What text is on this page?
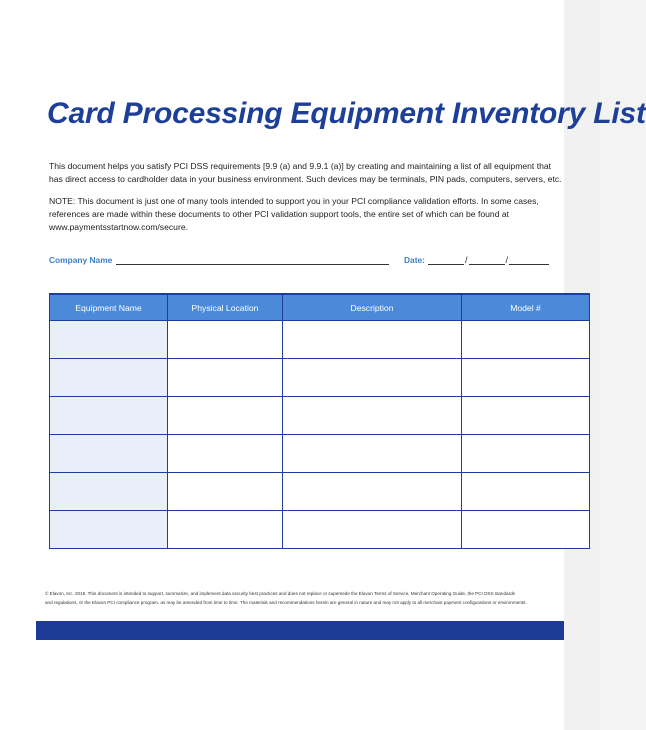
Card Processing Equipment Inventory List

This document helps you satisfy PCI DSS requirements [9.9 (a) and 9.9.1 (a)] by creating and maintaining a list of all equipment that
has direct access to cardholder data in your business environment. Such devices may be terminals, PIN pads, computers, servers, etc.

NOTE: This document is just one of many tools intended to support you in your PCI compliance validation efforts. In some cases,
references are made within these documents to other PCI validation support tools, the entire set of which can be found at
www.paymentsstartnow.com/secure.

Company Name	Date:	/	/
Equipment Name	Physical Location	Description	Model #

© Elavon, Inc. 2016. This document is intended to support, summarize, and implement data security best practices and does not replace or supersede the Elavon Terms of Service, Merchant Operating Guide, the PCI DSS standards
and regulations, or the Elavon PCI compliance program, as may be amended from time to time. The materials and recommendations herein are general in nature and may not apply to all merchant payment configurations or environments.
